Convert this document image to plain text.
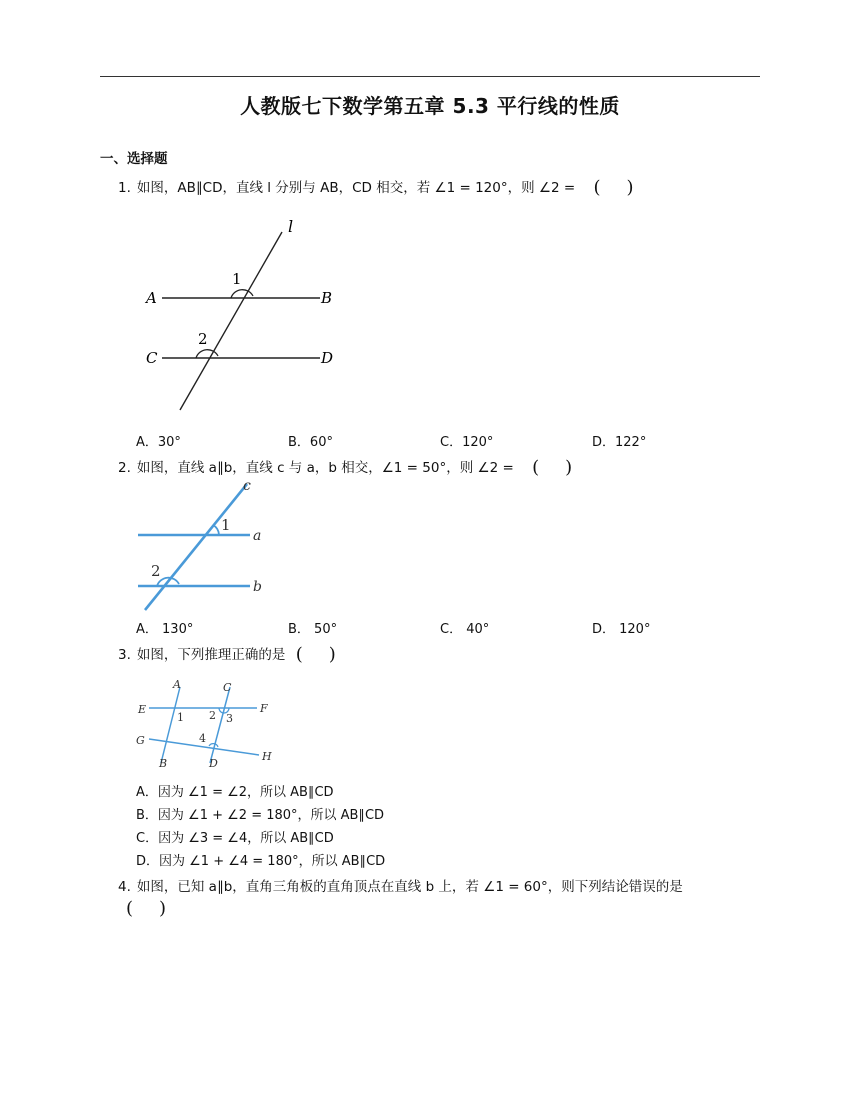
人教版七下数学第五章 5.3 平行线的性质
一、选择题
1. 如图，AB∥CD，直线 l 分别与 AB，CD 相交，若 ∠1 = 120°，则 ∠2 = ( )
l
1
2
A	B
C	D
A．30°	B．60°	C．120°	D．122°
2. 如图，直线 a∥b，直线 c 与 a，b 相交，∠1 = 50°，则 ∠2 = ( )
c
a
b
1
2
A． 130°	B． 50°	C． 40°	D． 120°
3. 如图，下列推理正确的是 ( )
A
B
C
D
E	F
G
H
1 2 3
4
A．因为 ∠1 = ∠2，所以 AB∥CD
B．因为 ∠1 + ∠2 = 180°，所以 AB∥CD
C．因为 ∠3 = ∠4，所以 AB∥CD
D．因为 ∠1 + ∠4 = 180°，所以 AB∥CD
4. 如图，已知 a∥b，直角三角板的直角顶点在直线 b 上，若 ∠1 = 60°，则下列结论错误的是
( )
